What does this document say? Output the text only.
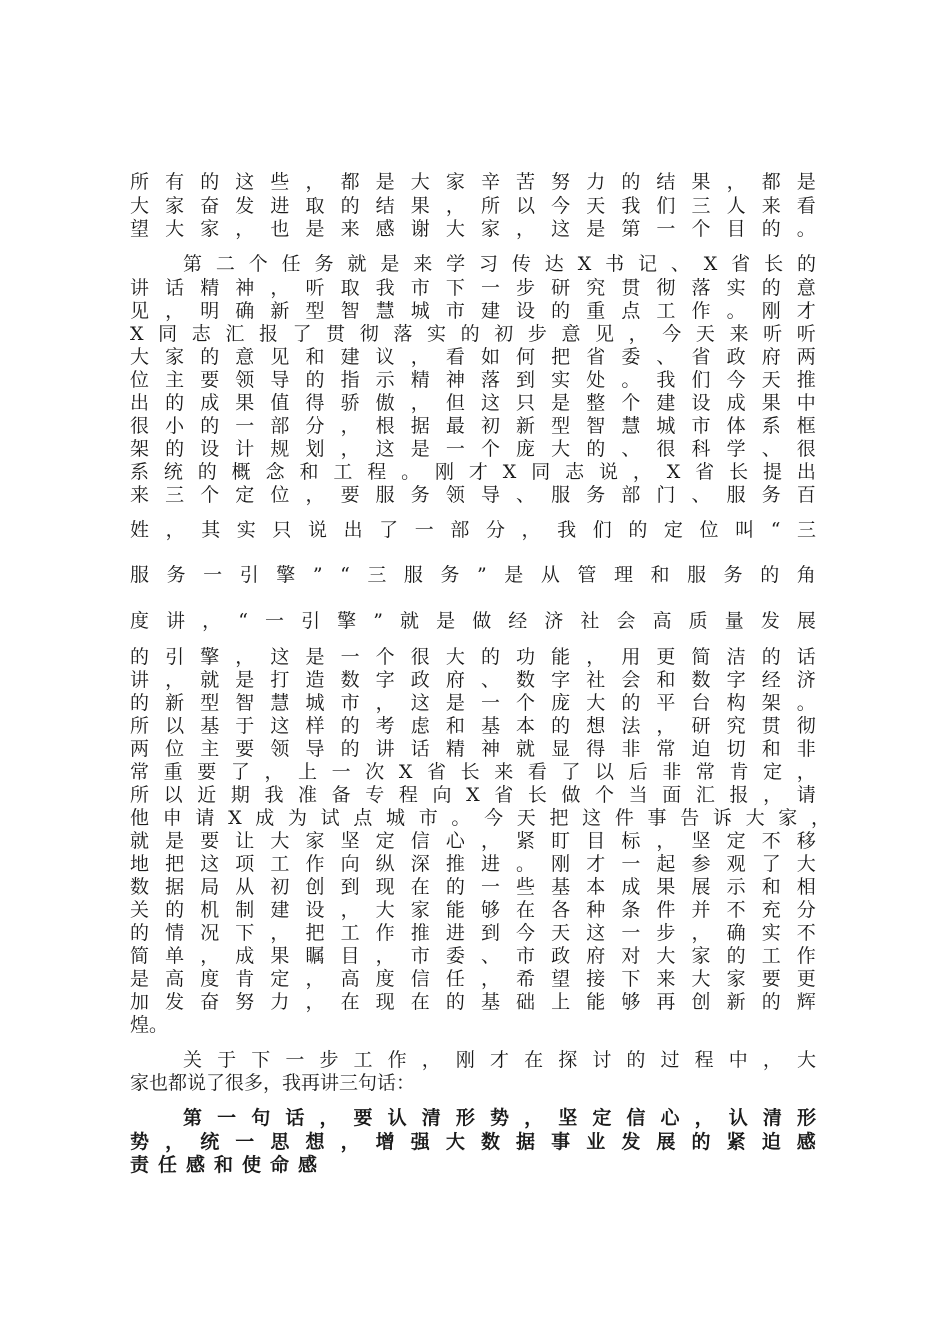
所 有 的 这 些 ， 都 是 大 家 辛 苦 努 力 的 结 果 ， 都 是
大 家 奋 发 进 取 的 结 果 ， 所 以 今 天 我 们 三 人 来 看
望 大 家 ， 也 是 来 感 谢 大 家 ， 这 是 第 一 个 目 的 。
第 二 个 任 务 就 是 来 学 习 传 达 X 书 记 、 X 省 长 的
讲 话 精 神 ， 听 取 我 市 下 一 步 研 究 贯 彻 落 实 的 意
见 ， 明 确 新 型 智 慧 城 市 建 设 的 重 点 工 作 。 刚 才
X 同 志 汇 报 了 贯 彻 落 实 的 初 步 意 见 ， 今 天 来 听 听
大 家 的 意 见 和 建 议 ， 看 如 何 把 省 委 、 省 政 府 两
位 主 要 领 导 的 指 示 精 神 落 到 实 处 。 我 们 今 天 推
出 的 成 果 值 得 骄 傲 ， 但 这 只 是 整 个 建 设 成 果 中
很 小 的 一 部 分 ， 根 据 最 初 新 型 智 慧 城 市 体 系 框
架 的 设 计 规 划 ， 这 是 一 个 庞 大 的 、 很 科 学 、 很
系 统 的 概 念 和 工 程 。 刚 才 X 同 志 说 ， X 省 长 提 出
来 三 个 定 位 ， 要 服 务 领 导 、 服 务 部 门 、 服 务 百
姓 ， 其 实 只 说 出 了 一 部 分 ， 我 们 的 定 位 叫 “ 三
服 务 一 引 擎 ” “ 三 服 务 ” 是 从 管 理 和 服 务 的 角
度 讲 ， “ 一 引 擎 ” 就 是 做 经 济 社 会 高 质 量 发 展
的 引 擎 ， 这 是 一 个 很 大 的 功 能 ， 用 更 简 洁 的 话
讲 ， 就 是 打 造 数 字 政 府 、 数 字 社 会 和 数 字 经 济
的 新 型 智 慧 城 市 ， 这 是 一 个 庞 大 的 平 台 构 架 。
所 以 基 于 这 样 的 考 虑 和 基 本 的 想 法 ， 研 究 贯 彻
两 位 主 要 领 导 的 讲 话 精 神 就 显 得 非 常 迫 切 和 非
常 重 要 了 ， 上 一 次 X 省 长 来 看 了 以 后 非 常 肯 定 ，
所 以 近 期 我 准 备 专 程 向 X 省 长 做 个 当 面 汇 报 ， 请
他 申 请 X 成 为 试 点 城 市 。 今 天 把 这 件 事 告 诉 大 家 ，
就 是 要 让 大 家 坚 定 信 心 ， 紧 盯 目 标 ， 坚 定 不 移
地 把 这 项 工 作 向 纵 深 推 进 。 刚 才 一 起 参 观 了 大
数 据 局 从 初 创 到 现 在 的 一 些 基 本 成 果 展 示 和 相
关 的 机 制 建 设 ， 大 家 能 够 在 各 种 条 件 并 不 充 分
的 情 况 下 ， 把 工 作 推 进 到 今 天 这 一 步 ， 确 实 不
简 单 ， 成 果 瞩 目 ， 市 委 、 市 政 府 对 大 家 的 工 作
是 高 度 肯 定 ， 高 度 信 任 ， 希 望 接 下 来 大 家 要 更
加 发 奋 努 力 ， 在 现 在 的 基 础 上 能 够 再 创 新 的 辉
煌。
关 于 下 一 步 工 作 ， 刚 才 在 探 讨 的 过 程 中 ， 大
家也都说了很多，我再讲三句话：
第 一 句 话 ， 要 认 清 形 势 ， 坚 定 信 心 ， 认 清 形
势 ， 统 一 思 想 ， 增 强 大 数 据 事 业 发 展 的 紧 迫 感
责任感和使命感
